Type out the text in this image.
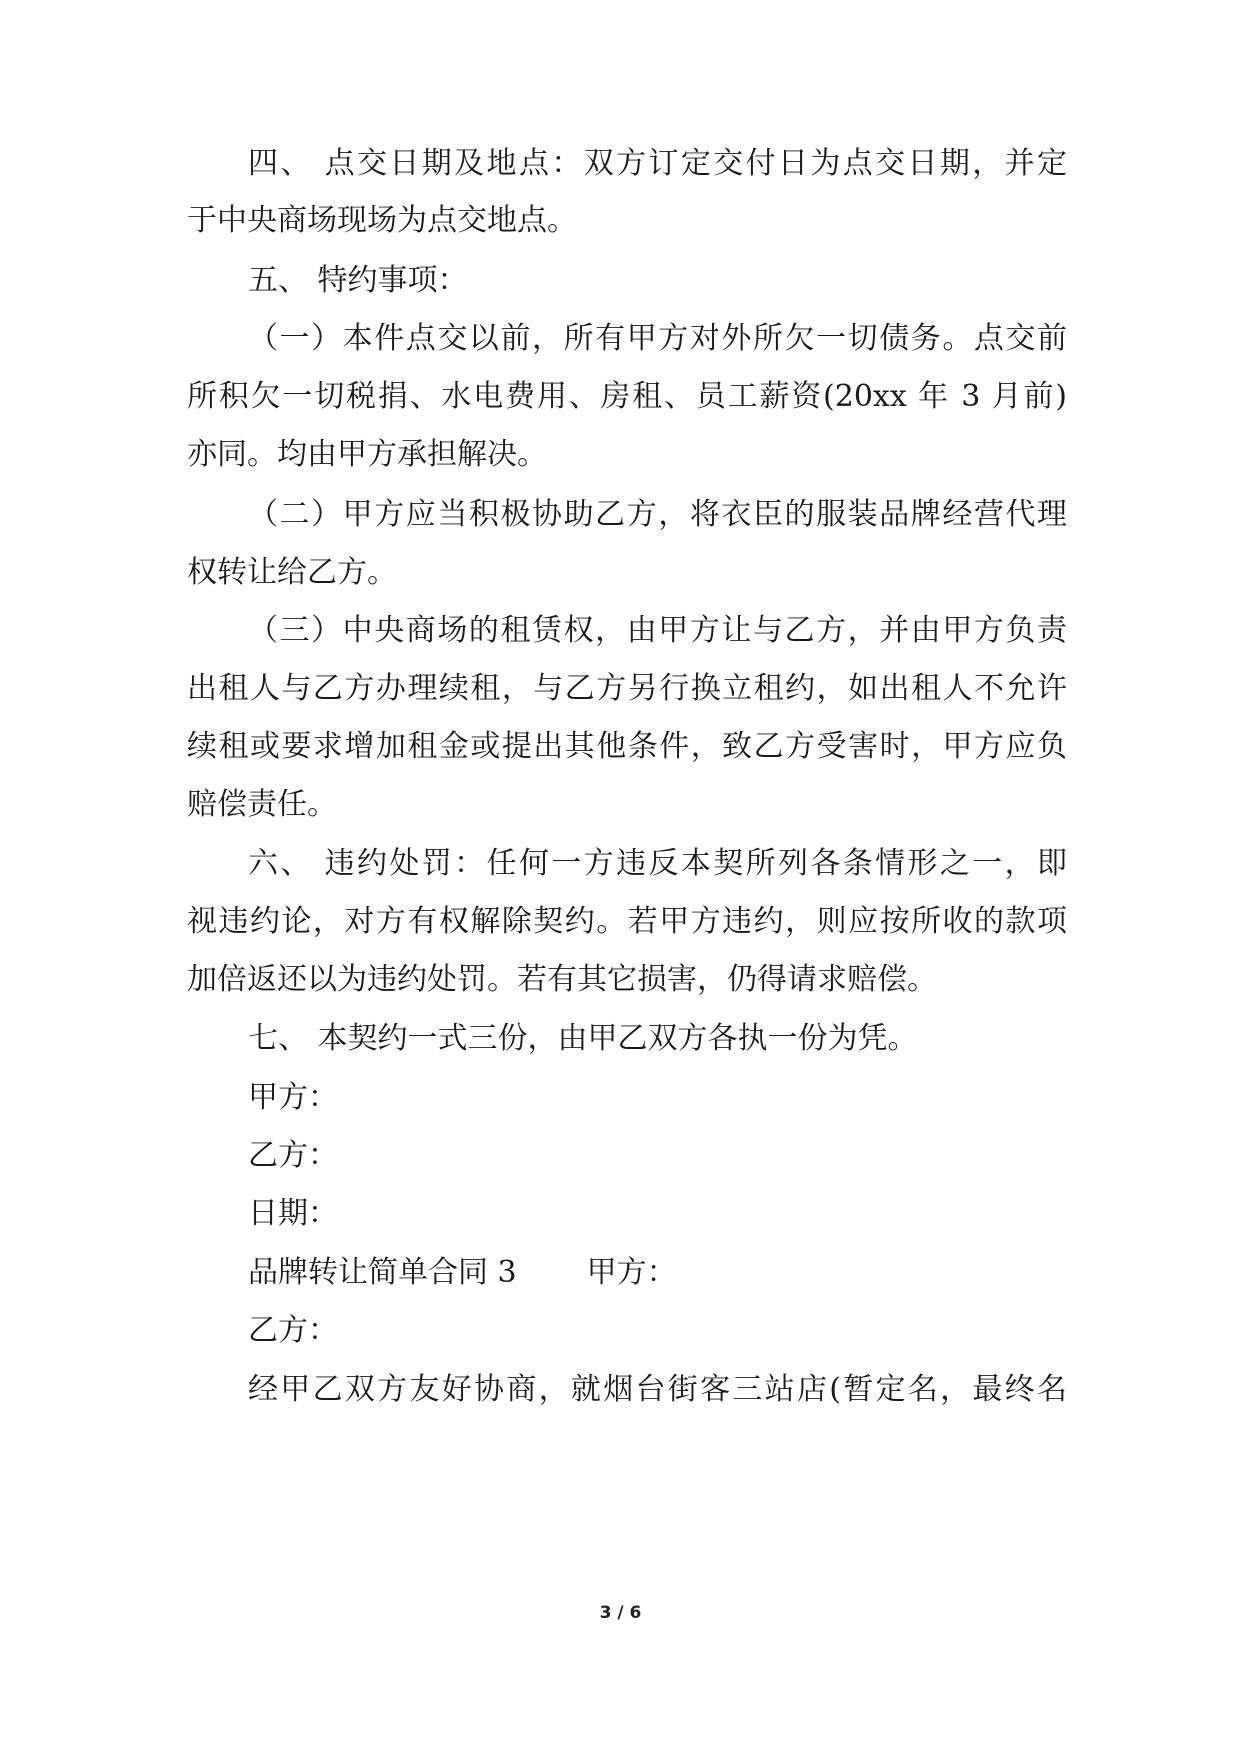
四、 点交日期及地点：双方订定交付日为点交日期，并定
于中央商场现场为点交地点。
五、 特约事项：
（一）本件点交以前，所有甲方对外所欠一切债务。点交前
所积欠一切税捐、水电费用、房租、员工薪资(20xx 年 3 月前)
亦同。均由甲方承担解决。
（二）甲方应当积极协助乙方，将衣臣的服装品牌经营代理
权转让给乙方。
（三）中央商场的租赁权，由甲方让与乙方，并由甲方负责
出租人与乙方办理续租，与乙方另行换立租约，如出租人不允许
续租或要求增加租金或提出其他条件，致乙方受害时，甲方应负
赔偿责任。
六、 违约处罚：任何一方违反本契所列各条情形之一，即
视违约论，对方有权解除契约。若甲方违约，则应按所收的款项
加倍返还以为违约处罚。若有其它损害，仍得请求赔偿。
七、 本契约一式三份，由甲乙双方各执一份为凭。
甲方：
乙方：
日期：
品牌转让简单合同 3 甲方：
乙方：
经甲乙双方友好协商，就烟台街客三站店(暂定名，最终名
3 / 6
